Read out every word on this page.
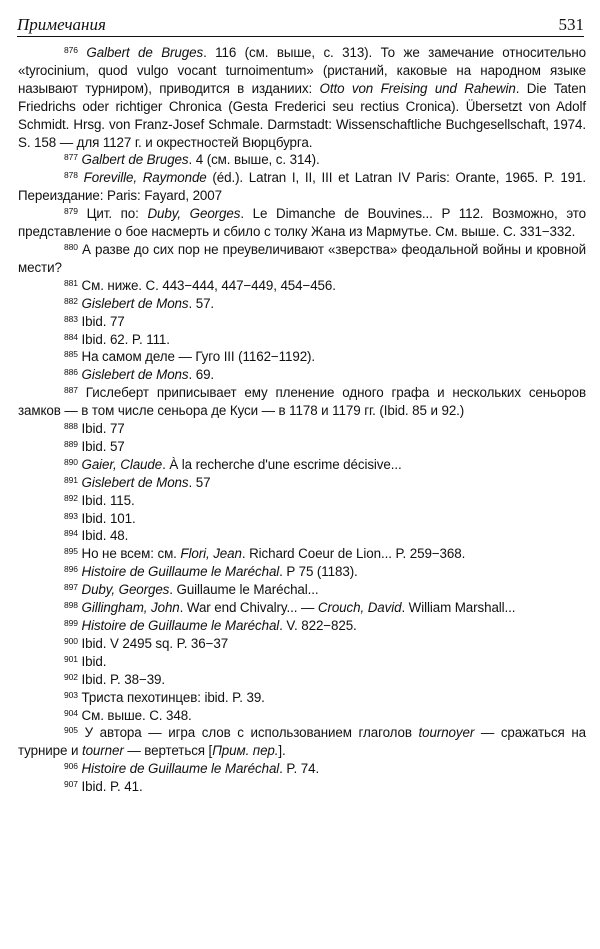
Примечания	531

$^{876}$ Galbert de Bruges. 116 (см. выше, с. 313). То же замечание относительно «tyrocinium, quod vulgo vocant turnoimentum» (ристаний, каковые на народном языке называют турниром), приводится в изданииx: Otto von Freising und Rahewin. Die Taten Friedrichs oder richtiger Chronica (Gesta Frederici seu rectius Cronica). Übersetzt von Adolf Schmidt. Hrsg. von Franz-Josef Schmale. Darmstadt: Wissenschaftliche Buchgesellschaft, 1974. S. 158 — для 1127 г. и окрестностей Вюрцбурга.

$^{877}$ Galbert de Bruges. 4 (см. выше, с. 314).

$^{878}$ Foreville, Raymonde (éd.). Latran I, II, III et Latran IV Paris: Orante, 1965. P. 191. Переиздание: Paris: Fayard, 2007

$^{879}$ Цит. по: Duby, Georges. Le Dimanche de Bouvines... P 112. Возможно, это представление о бое насмерть и сбило с толку Жана из Мармутье. См. выше. С. 331−332.

$^{880}$ А разве до сих пор не преувеличивают «зверства» феодальной войны и кровной мести?

$^{881}$ См. ниже. С. 443−444, 447−449, 454−456.

$^{882}$ Gislebert de Mons. 57.

$^{883}$ Ibid. 77

$^{884}$ Ibid. 62. P. 111.

$^{885}$ На самом деле — Гуго III (1162−1192).

$^{886}$ Gislebert de Mons. 69.

$^{887}$ Гислеберт приписывает ему пленение одного графа и нескольких сеньоров замков — в том числе сеньора де Куси — в 1178 и 1179 гг. (Ibid. 85 и 92.)

$^{888}$ Ibid. 77

$^{889}$ Ibid. 57

$^{890}$ Gaier, Claude. À la recherche d'une escrime décisive...

$^{891}$ Gislebert de Mons. 57

$^{892}$ Ibid. 115.

$^{893}$ Ibid. 101.

$^{894}$ Ibid. 48.

$^{895}$ Но не всем: см. Flori, Jean. Richard Coeur de Lion... P. 259−368.

$^{896}$ Histoire de Guillaume le Maréchal. P 75 (1183).

$^{897}$ Duby, Georges. Guillaume le Maréchal...

$^{898}$ Gillingham, John. War end Chivalry... — Crouch, David. William Marshall...

$^{899}$ Histoire de Guillaume le Maréchal. V. 822−825.

$^{900}$ Ibid. V 2495 sq. P. 36−37

$^{901}$ Ibid.

$^{902}$ Ibid. P. 38−39.

$^{903}$ Триста пехотинцев: ibid. P. 39.

$^{904}$ См. выше. С. 348.

$^{905}$ У автора — игра слов с использованием глаголов tournoyer — сражаться на турнире и tourner — вертеться [Прим. пер.].

$^{906}$ Histoire de Guillaume le Maréchal. P. 74.

$^{907}$ Ibid. P. 41.
